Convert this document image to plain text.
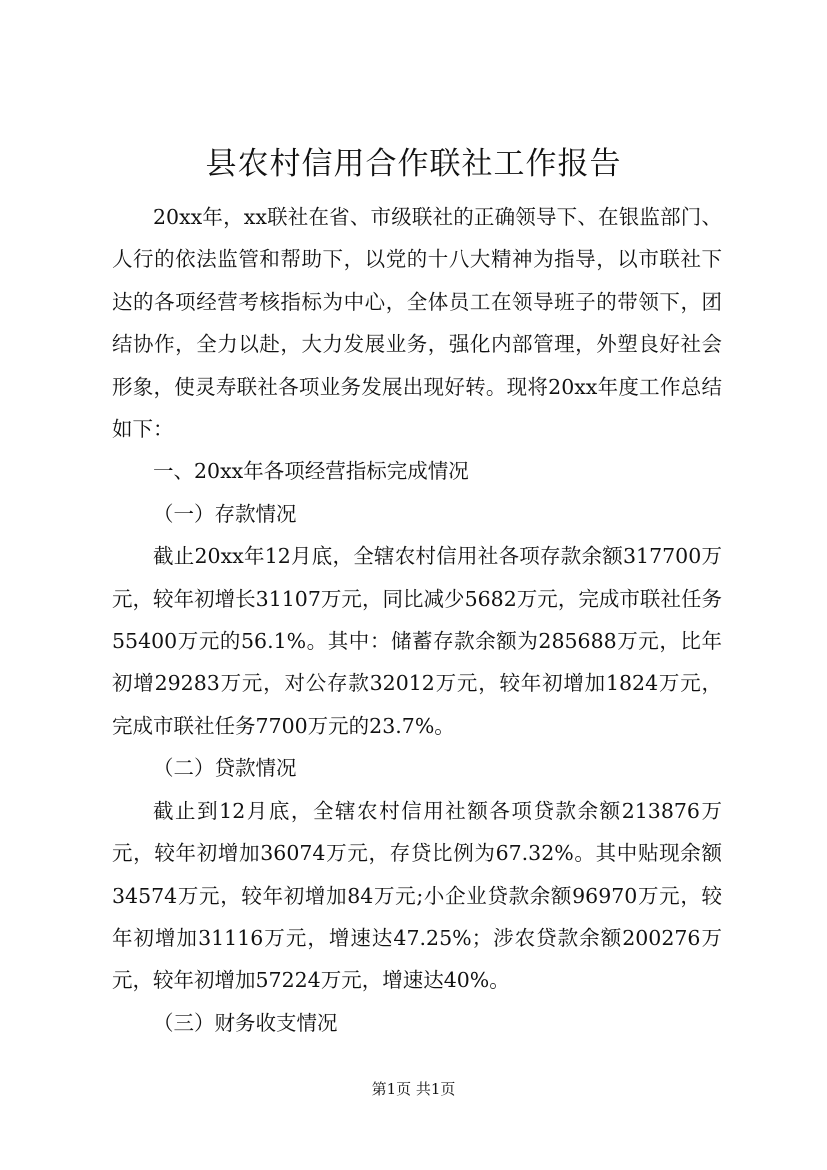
县农村信用合作联社工作报告

20xx年，xx联社在省、市级联社的正确领导下、在银监部门、人行的依法监管和帮助下，以党的十八大精神为指导，以市联社下达的各项经营考核指标为中心，全体员工在领导班子的带领下，团结协作，全力以赴，大力发展业务，强化内部管理，外塑良好社会形象，使灵寿联社各项业务发展出现好转。现将20xx年度工作总结如下：

一、20xx年各项经营指标完成情况

（一）存款情况

截止20xx年12月底，全辖农村信用社各项存款余额317700万元，较年初增长31107万元，同比减少5682万元，完成市联社任务55400万元的56.1%。其中：储蓄存款余额为285688万元，比年初增29283万元，对公存款32012万元，较年初增加1824万元，完成市联社任务7700万元的23.7%。

（二）贷款情况

截止到12月底，全辖农村信用社额各项贷款余额213876万元，较年初增加36074万元，存贷比例为67.32%。其中贴现余额34574万元，较年初增加84万元;小企业贷款余额96970万元，较年初增加31116万元，增速达47.25%；涉农贷款余额200276万元，较年初增加57224万元，增速达40%。

（三）财务收支情况

第1页 共1页
